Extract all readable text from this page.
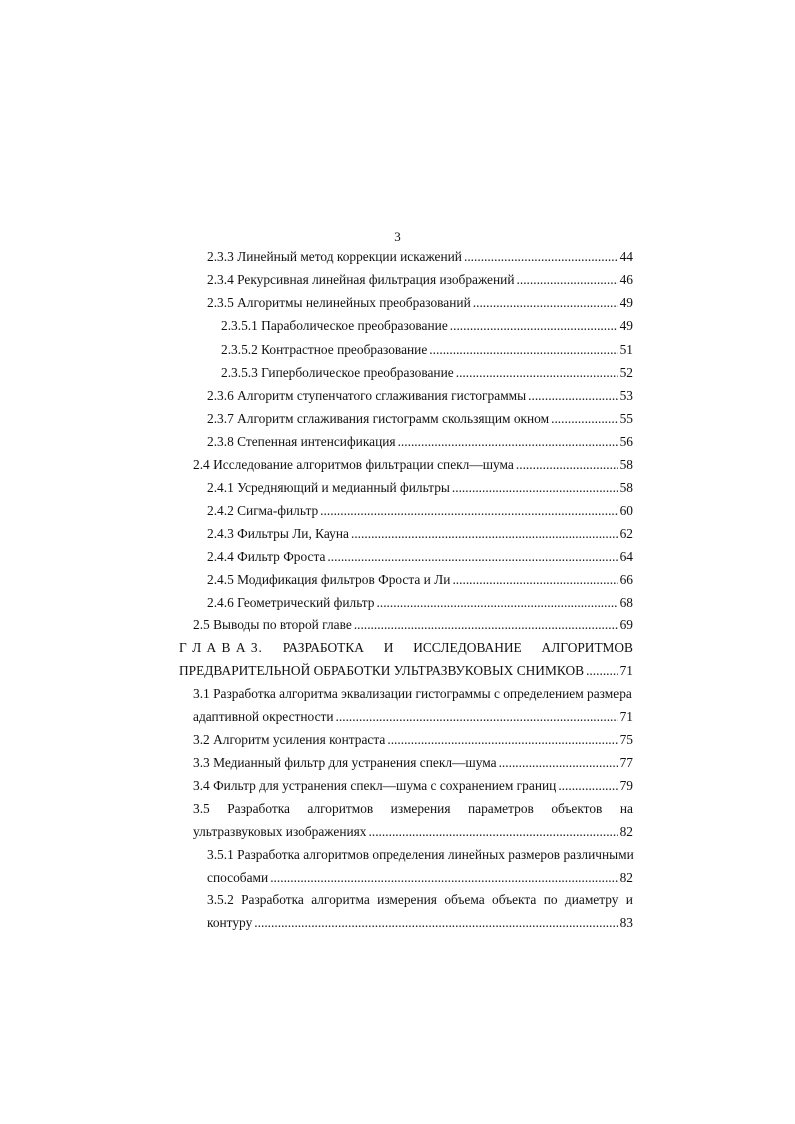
3
2.3.3 Линейный метод коррекции искажений .....	44
2.3.4 Рекурсивная линейная фильтрация изображений .....	46
2.3.5 Алгоритмы нелинейных преобразований .....	49
2.3.5.1 Параболическое преобразование .....	49
2.3.5.2 Контрастное преобразование .....	51
2.3.5.3 Гиперболическое преобразование .....	52
2.3.6 Алгоритм ступенчатого сглаживания гистограммы .....	53
2.3.7 Алгоритм сглаживания гистограмм скользящим окном .....	55
2.3.8 Степенная интенсификация .....	56
2.4 Исследование алгоритмов фильтрации спекл—шума .....	58
2.4.1 Усредняющий и медианный фильтры .....	58
2.4.2 Сигма-фильтр .....	60
2.4.3 Фильтры Ли, Кауна .....	62
2.4.4 Фильтр Фроста .....	64
2.4.5 Модификация фильтров Фроста и Ли .....	66
2.4.6 Геометрический фильтр .....	68
2.5 Выводы по второй главе .....	69
Г Л А В А 3. РАЗРАБОТКА И ИССЛЕДОВАНИЕ АЛГОРИТМОВ
ПРЕДВАРИТЕЛЬНОЙ ОБРАБОТКИ УЛЬТРАЗВУКОВЫХ СНИМКОВ .....	71
3.1 Разработка алгоритма эквализации гистограммы с определением размера
адаптивной окрестности .....	71
3.2 Алгоритм усиления контраста .....	75
3.3 Медианный фильтр для устранения спекл—шума .....	77
3.4 Фильтр для устранения спекл—шума с сохранением границ .....	79
3.5 Разработка алгоритмов измерения параметров объектов на
ультразвуковых изображениях .....	82
3.5.1 Разработка алгоритмов определения линейных размеров различными
способами .....	82
3.5.2 Разработка алгоритма измерения объема объекта по диаметру и
контуру .....	83
